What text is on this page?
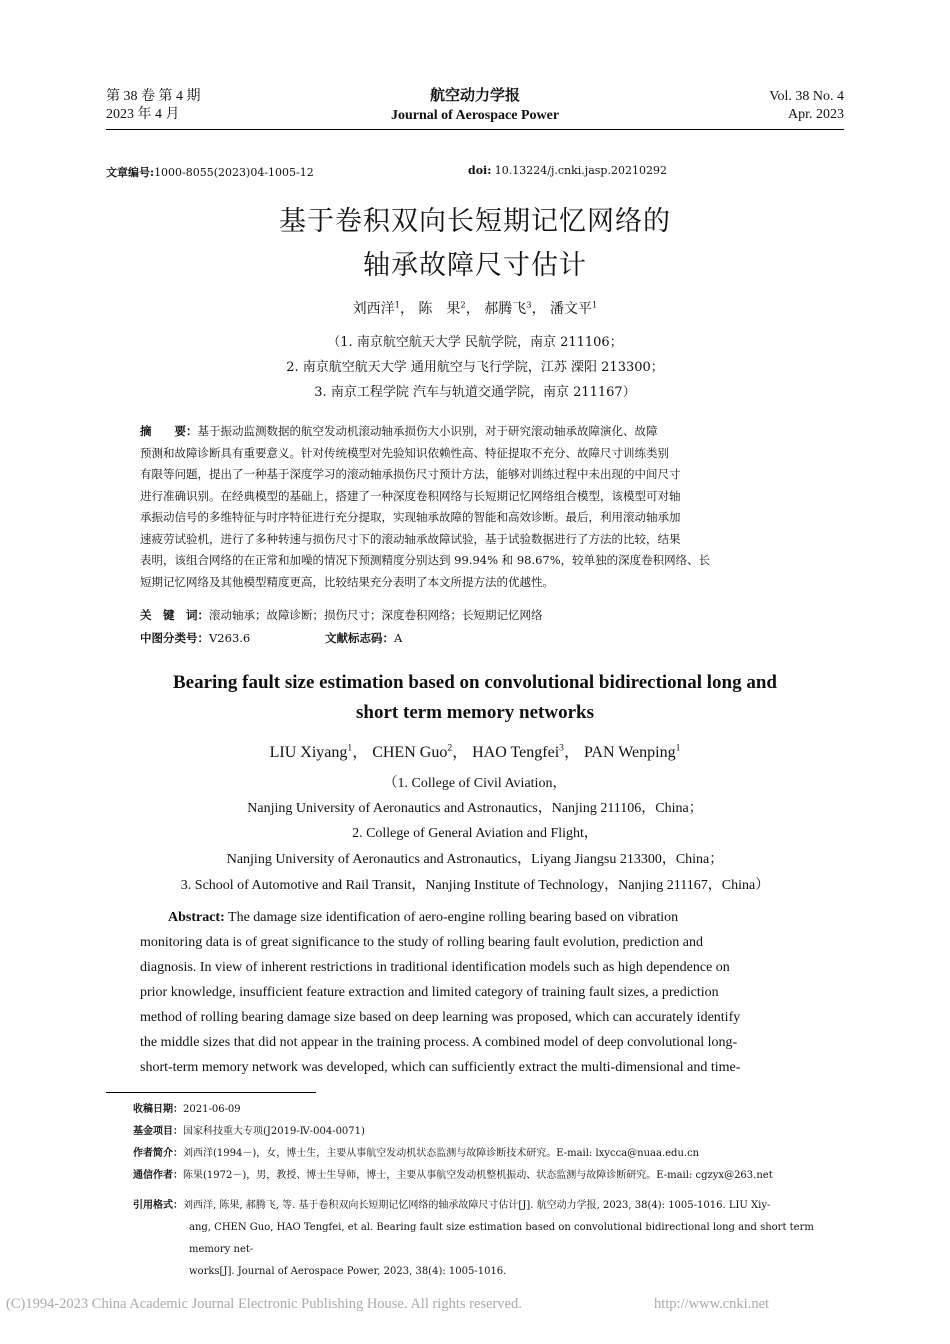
第 38 卷 第 4 期
2023 年 4 月
航空动力学报
Journal of Aerospace Power
Vol. 38 No. 4
Apr. 2023
文章编号:1000-8055(2023)04-1005-12	doi: 10.13224/j.cnki.jasp.20210292
基于卷积双向长短期记忆网络的
轴承故障尺寸估计
刘西洋$^1$， 陈　果$^2$， 郝腾飞$^3$， 潘文平$^1$
（1. 南京航空航天大学 民航学院，南京 211106；
2. 南京航空航天大学 通用航空与飞行学院，江苏 溧阳 213300；
3. 南京工程学院 汽车与轨道交通学院，南京 211167）
摘　　要：基于振动监测数据的航空发动机滚动轴承损伤大小识别，对于研究滚动轴承故障演化、故障
预测和故障诊断具有重要意义。针对传统模型对先验知识依赖性高、特征提取不充分、故障尺寸训练类别
有限等问题，提出了一种基于深度学习的滚动轴承损伤尺寸预计方法，能够对训练过程中未出现的中间尺寸
进行准确识别。在经典模型的基础上，搭建了一种深度卷积网络与长短期记忆网络组合模型，该模型可对轴
承振动信号的多维特征与时序特征进行充分提取，实现轴承故障的智能和高效诊断。最后，利用滚动轴承加
速疲劳试验机，进行了多种转速与损伤尺寸下的滚动轴承故障试验，基于试验数据进行了方法的比较，结果
表明，该组合网络的在正常和加噪的情况下预测精度分别达到 99.94% 和 98.67%，较单独的深度卷积网络、长
短期记忆网络及其他模型精度更高，比较结果充分表明了本文所提方法的优越性。
关　键　词：滚动轴承；故障诊断；损伤尺寸；深度卷积网络；长短期记忆网络
中图分类号：V263.6	文献标志码：A
Bearing fault size estimation based on convolutional bidirectional long and
short term memory networks
LIU Xiyang$^1$， CHEN Guo$^2$， HAO Tengfei$^3$， PAN Wenping$^1$
（1. College of Civil Aviation，
Nanjing University of Aeronautics and Astronautics，Nanjing 211106，China；
2. College of General Aviation and Flight，
Nanjing University of Aeronautics and Astronautics，Liyang Jiangsu 213300，China；
3. School of Automotive and Rail Transit，Nanjing Institute of Technology，Nanjing 211167，China）
Abstract: The damage size identification of aero-engine rolling bearing based on vibration
monitoring data is of great significance to the study of rolling bearing fault evolution, prediction and
diagnosis. In view of inherent restrictions in traditional identification models such as high dependence on
prior knowledge, insufficient feature extraction and limited category of training fault sizes, a prediction
method of rolling bearing damage size based on deep learning was proposed, which can accurately identify
the middle sizes that did not appear in the training process. A combined model of deep convolutional long-
short-term memory network was developed, which can sufficiently extract the multi-dimensional and time-
收稿日期：2021-06-09
基金项目：国家科技重大专项(J2019-Ⅳ-004-0071)
作者简介：刘西洋(1994－)，女，博士生，主要从事航空发动机状态监测与故障诊断技术研究。E-mail: lxycca@nuaa.edu.cn
通信作者：陈果(1972－)，男，教授、博士生导师，博士，主要从事航空发动机整机振动、状态监测与故障诊断研究。E-mail: cgzyx@263.net
引用格式：刘西洋, 陈果, 郝腾飞, 等. 基于卷积双向长短期记忆网络的轴承故障尺寸估计[J]. 航空动力学报, 2023, 38(4): 1005-1016. LIU Xiy-
ang, CHEN Guo, HAO Tengfei, et al. Bearing fault size estimation based on convolutional bidirectional long and short term memory net-
works[J]. Journal of Aerospace Power, 2023, 38(4): 1005-1016.
(C)1994-2023 China Academic Journal Electronic Publishing House. All rights reserved.	http://www.cnki.net
